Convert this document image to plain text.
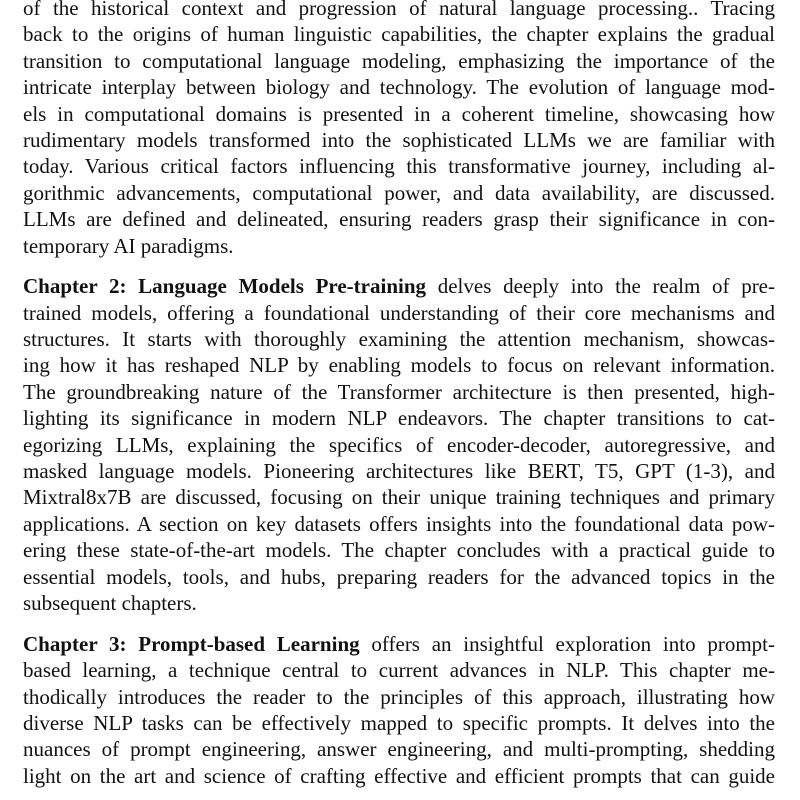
of the historical context and progression of natural language processing.. Tracing
back to the origins of human linguistic capabilities, the chapter explains the gradual
transition to computational language modeling, emphasizing the importance of the
intricate interplay between biology and technology. The evolution of language mod-
els in computational domains is presented in a coherent timeline, showcasing how
rudimentary models transformed into the sophisticated LLMs we are familiar with
today. Various critical factors influencing this transformative journey, including al-
gorithmic advancements, computational power, and data availability, are discussed.
LLMs are defined and delineated, ensuring readers grasp their significance in con-
temporary AI paradigms.
Chapter 2: Language Models Pre-training delves deeply into the realm of pre-
trained models, offering a foundational understanding of their core mechanisms and
structures. It starts with thoroughly examining the attention mechanism, showcas-
ing how it has reshaped NLP by enabling models to focus on relevant information.
The groundbreaking nature of the Transformer architecture is then presented, high-
lighting its significance in modern NLP endeavors. The chapter transitions to cat-
egorizing LLMs, explaining the specifics of encoder-decoder, autoregressive, and
masked language models. Pioneering architectures like BERT, T5, GPT (1-3), and
Mixtral8x7B are discussed, focusing on their unique training techniques and primary
applications. A section on key datasets offers insights into the foundational data pow-
ering these state-of-the-art models. The chapter concludes with a practical guide to
essential models, tools, and hubs, preparing readers for the advanced topics in the
subsequent chapters.
Chapter 3: Prompt-based Learning offers an insightful exploration into prompt-
based learning, a technique central to current advances in NLP. This chapter me-
thodically introduces the reader to the principles of this approach, illustrating how
diverse NLP tasks can be effectively mapped to specific prompts. It delves into the
nuances of prompt engineering, answer engineering, and multi-prompting, shedding
light on the art and science of crafting effective and efficient prompts that can guide
